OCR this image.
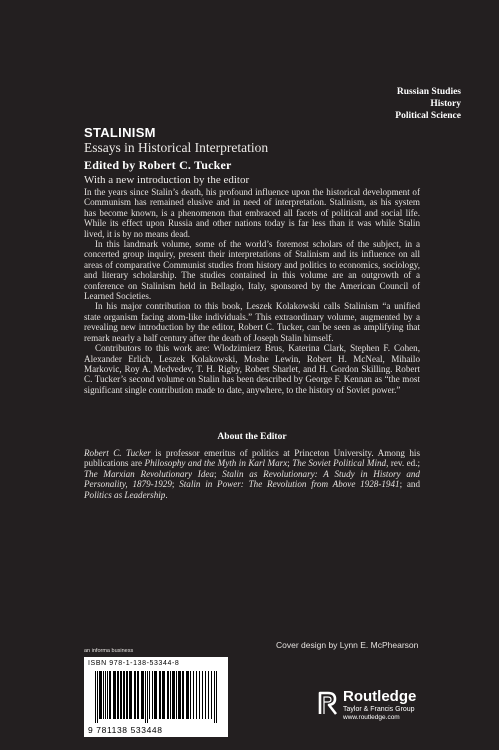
Russian Studies
History
Political Science
STALINISM
Essays in Historical Interpretation
Edited by Robert C. Tucker
With a new introduction by the editor

In the years since Stalin’s death, his profound influence upon the historical development of Communism has remained elusive and in need of interpretation. Stalinism, as his system has become known, is a phenomenon that embraced all facets of political and social life. While its effect upon Russia and other nations today is far less than it was while Stalin lived, it is by no means dead.

In this landmark volume, some of the world’s foremost scholars of the subject, in a concerted group inquiry, present their interpretations of Stalinism and its influence on all areas of comparative Communist studies from history and politics to economics, sociology, and literary scholarship. The studies contained in this volume are an outgrowth of a conference on Stalinism held in Bellagio, Italy, sponsored by the American Council of Learned Societies.

In his major contribution to this book, Leszek Kolakowski calls Stalinism “a unified state organism facing atom-like individuals.” This extraordinary volume, augmented by a revealing new introduction by the editor, Robert C. Tucker, can be seen as amplifying that remark nearly a half century after the death of Joseph Stalin himself.

Contributors to this work are: Wlodzimierz Brus, Katerina Clark, Stephen F. Cohen, Alexander Erlich, Leszek Kolakowski, Moshe Lewin, Robert H. McNeal, Mihailo Markovic, Roy A. Medvedev, T. H. Rigby, Robert Sharlet, and H. Gordon Skilling. Robert C. Tucker’s second volume on Stalin has been described by George F. Kennan as “the most significant single contribution made to date, anywhere, to the history of Soviet power.”

About the Editor

Robert C. Tucker is professor emeritus of politics at Princeton University. Among his publications are Philosophy and the Myth in Karl Marx; The Soviet Political Mind, rev. ed.; The Marxian Revolutionary Idea; Stalin as Revolutionary: A Study in History and Personality, 1879-1929; Stalin in Power: The Revolution from Above 1928-1941; and Politics as Leadership.

Cover design by Lynn E. McPhearson
an informa business
ISBN 978-1-138-53344-8
9 781138 533448
Routledge
Taylor & Francis Group
www.routledge.com
